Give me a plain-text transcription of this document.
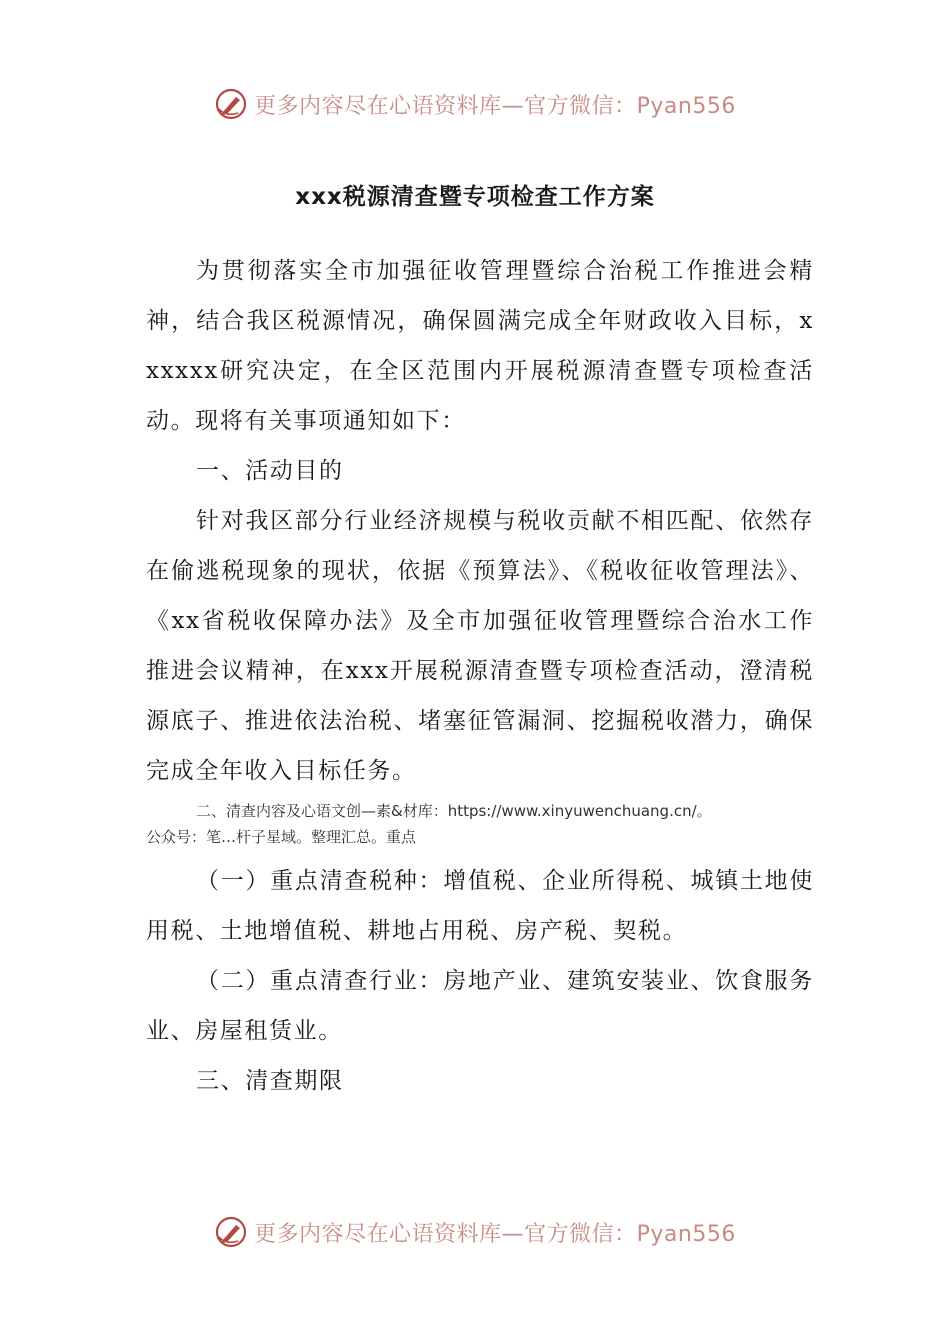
更多内容尽在心语资料库—官方微信：Pyan556
xxx税源清查暨专项检查工作方案

为贯彻落实全市加强征收管理暨综合治税工作推进会精神，结合我区税源情况，确保圆满完成全年财政收入目标，xxxxxx研究决定，在全区范围内开展税源清查暨专项检查活动。现将有关事项通知如下：

一、活动目的

针对我区部分行业经济规模与税收贡献不相匹配、依然存在偷逃税现象的现状，依据《预算法》、《税收征收管理法》、《xx省税收保障办法》及全市加强征收管理暨综合治水工作推进会议精神，在xxx开展税源清查暨专项检查活动，澄清税源底子、推进依法治税、堵塞征管漏洞、挖掘税收潜力，确保完成全年收入目标任务。

二、清查内容及心语文创—素&材库：https://www.xinyuwenchuang.cn/。
公众号：笔…杆子星域。整理汇总。重点

（一）重点清查税种：增值税、企业所得税、城镇土地使用税、土地增值税、耕地占用税、房产税、契税。

（二）重点清查行业：房地产业、建筑安装业、饮食服务业、房屋租赁业。

三、清查期限

更多内容尽在心语资料库—官方微信：Pyan556
